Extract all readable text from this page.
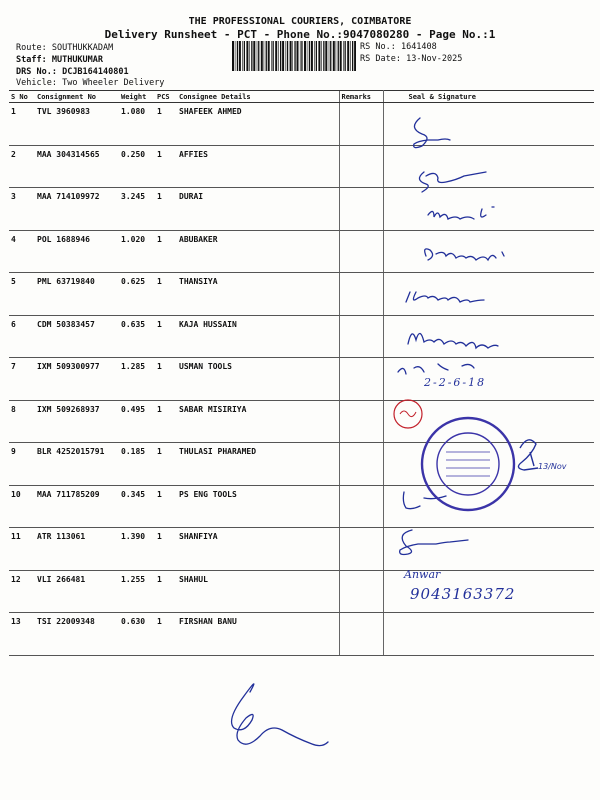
THE PROFESSIONAL COURIERS, COIMBATORE
Delivery Runsheet - PCT - Phone No.:9047080280 - Page No.:1
Route: SOUTHUKKADAM
Staff: MUTHUKUMAR
DRS No.: DCJB164140801
Vehicle: Two Wheeler Delivery
RS No.: 1641408
RS Date: 13-Nov-2025
S No	Consignment No	Weight	PCS	Consignee Details	Remarks	Seal & Signature
1	TVL 3960983	1.080	1	SHAFEEK AHMED		
2	MAA 304314565	0.250	1	AFFIES		
3	MAA 714109972	3.245	1	DURAI		
4	POL 1688946	1.020	1	ABUBAKER		
5	PML 63719840	0.625	1	THANSIYA		
6	CDM 50383457	0.635	1	KAJA HUSSAIN		
7	IXM 509300977	1.285	1	USMAN TOOLS		
8	IXM 509268937	0.495	1	SABAR MISIRIYA		
9	BLR 4252015791	0.185	1	THULASI PHARAMED		
10	MAA 711785209	0.345	1	PS ENG TOOLS		
11	ATR 113061	1.390	1	SHANFIYA		
12	VLI 266481	1.255	1	SHAHUL		
13	TSI 22009348	0.630	1	FIRSHAN BANU		
13/Nov
Anwar
9043163372
2-2-6-18
